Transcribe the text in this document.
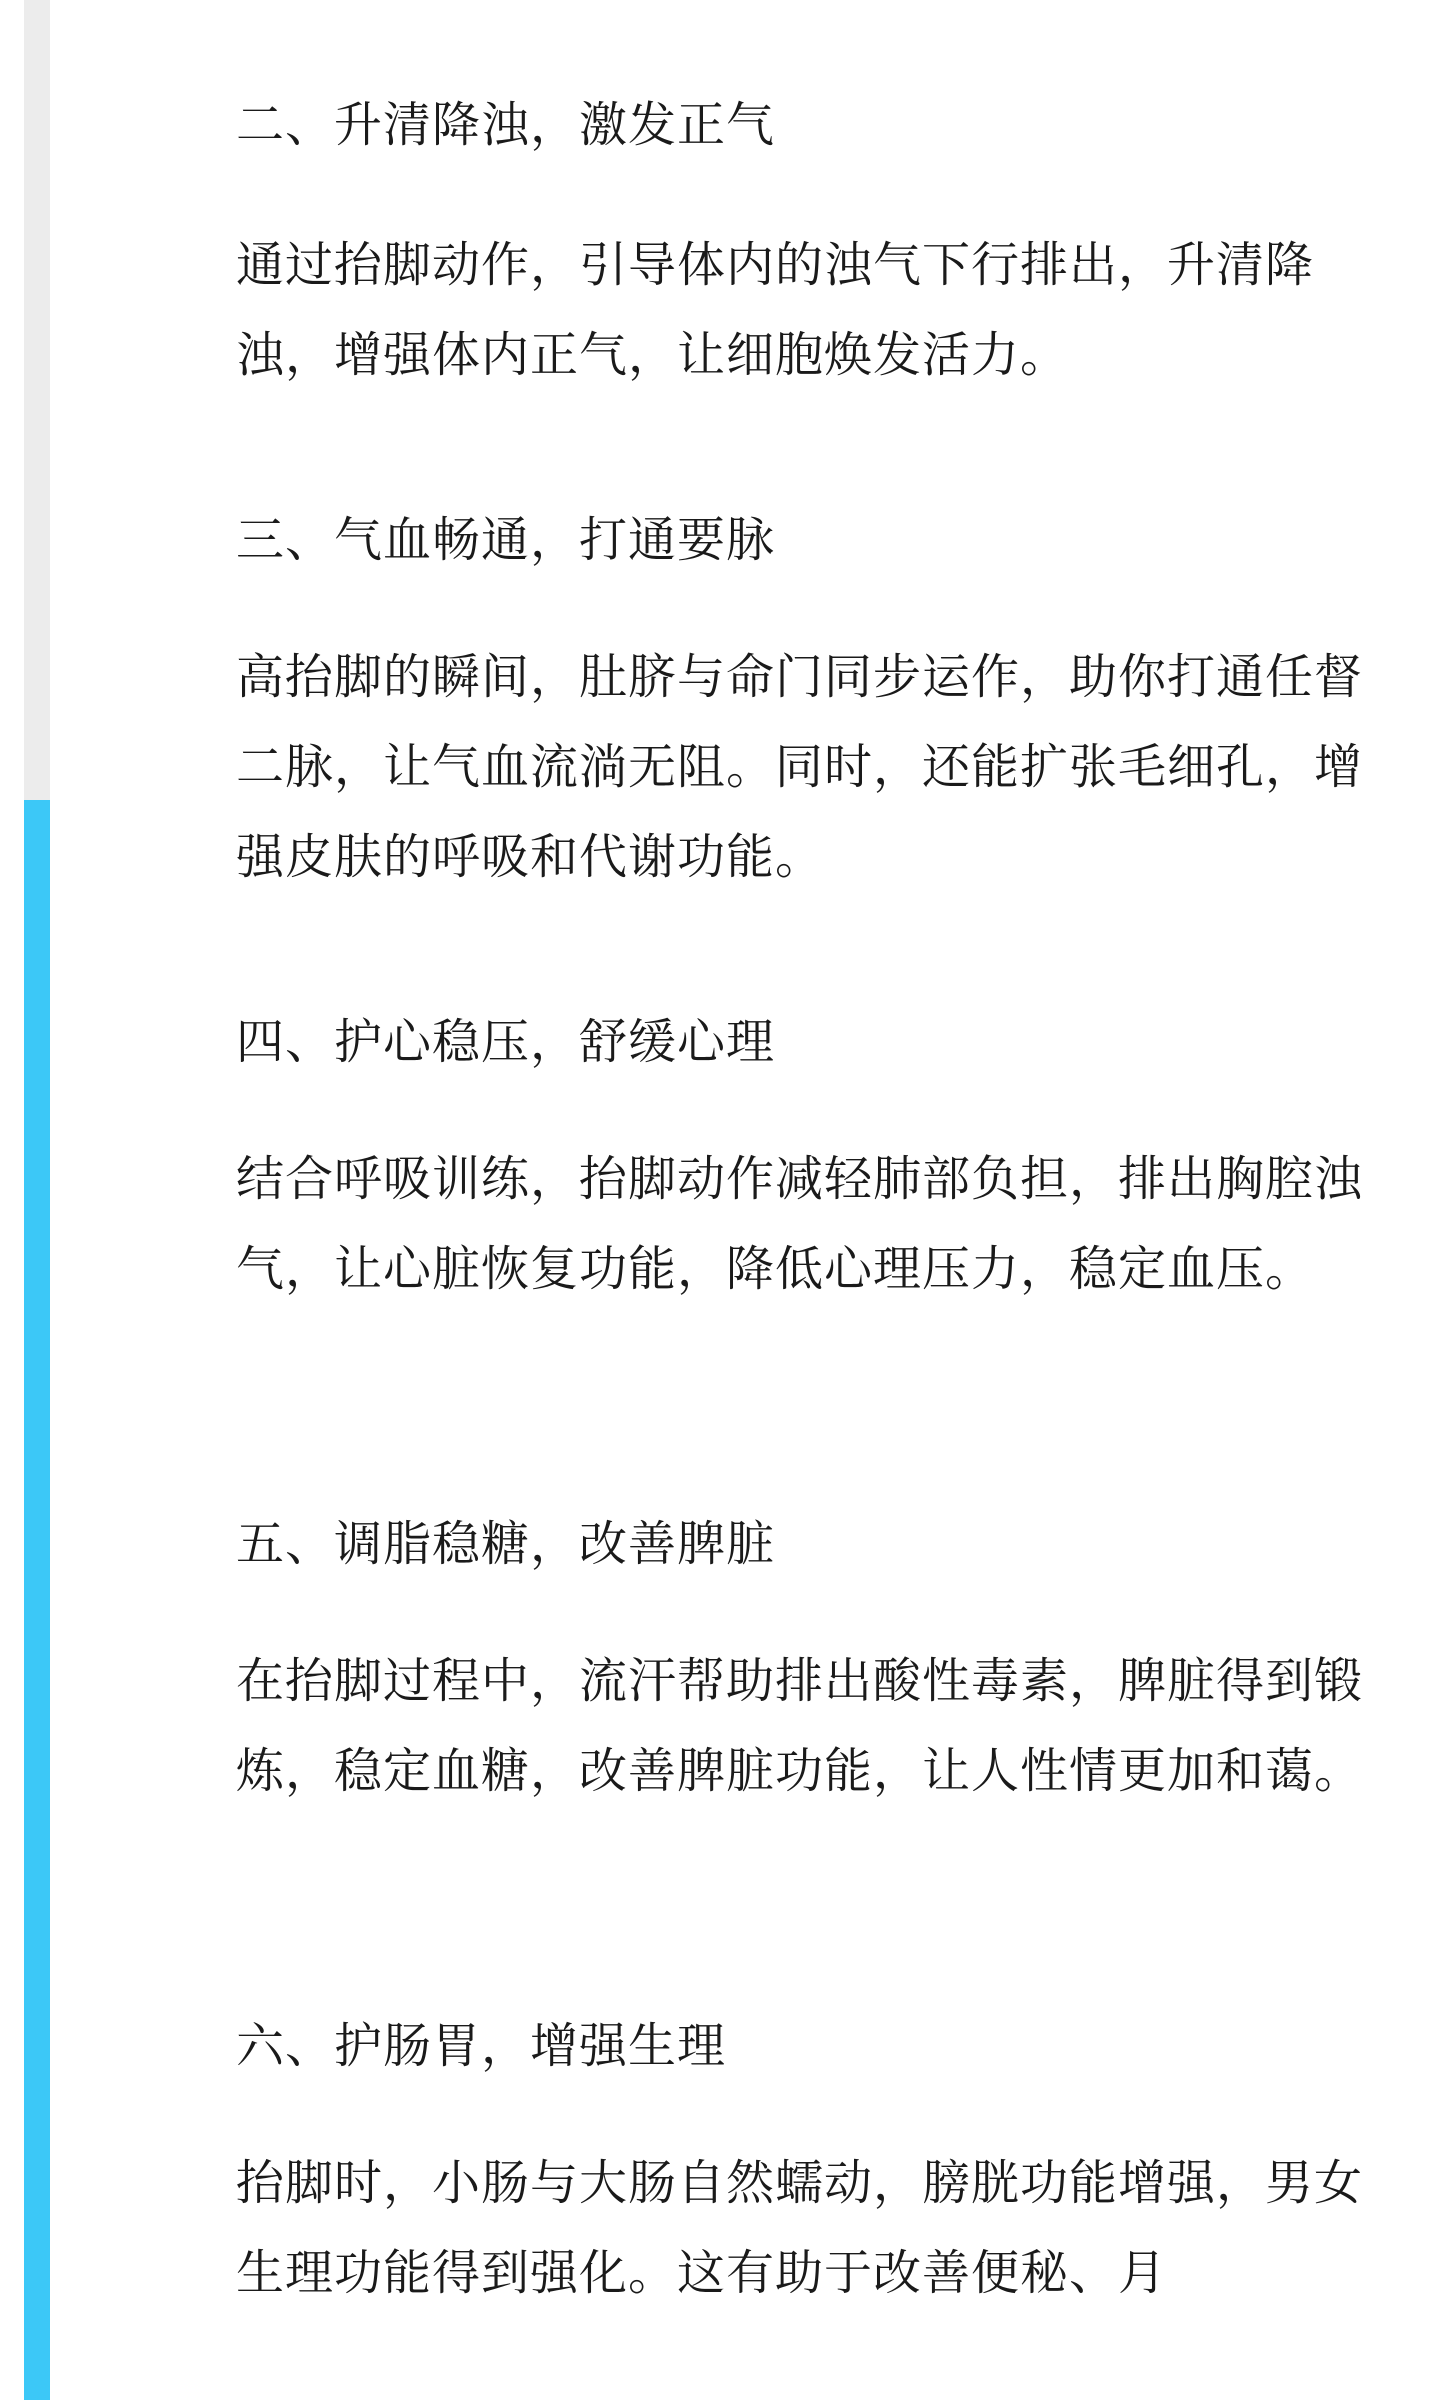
二、升清降浊，激发正气
通过抬脚动作，引导体内的浊气下行排出，升清降浊，增强体内正气，让细胞焕发活力。
三、气血畅通，打通要脉
高抬脚的瞬间，肚脐与命门同步运作，助你打通任督二脉，让气血流淌无阻。同时，还能扩张毛细孔，增强皮肤的呼吸和代谢功能。
四、护心稳压，舒缓心理
结合呼吸训练，抬脚动作减轻肺部负担，排出胸腔浊气，让心脏恢复功能，降低心理压力，稳定血压。
五、调脂稳糖，改善脾脏
在抬脚过程中，流汗帮助排出酸性毒素，脾脏得到锻炼，稳定血糖，改善脾脏功能，让人性情更加和蔼。
六、护肠胃，增强生理
抬脚时，小肠与大肠自然蠕动，膀胱功能增强，男女生理功能得到强化。这有助于改善便秘、月
